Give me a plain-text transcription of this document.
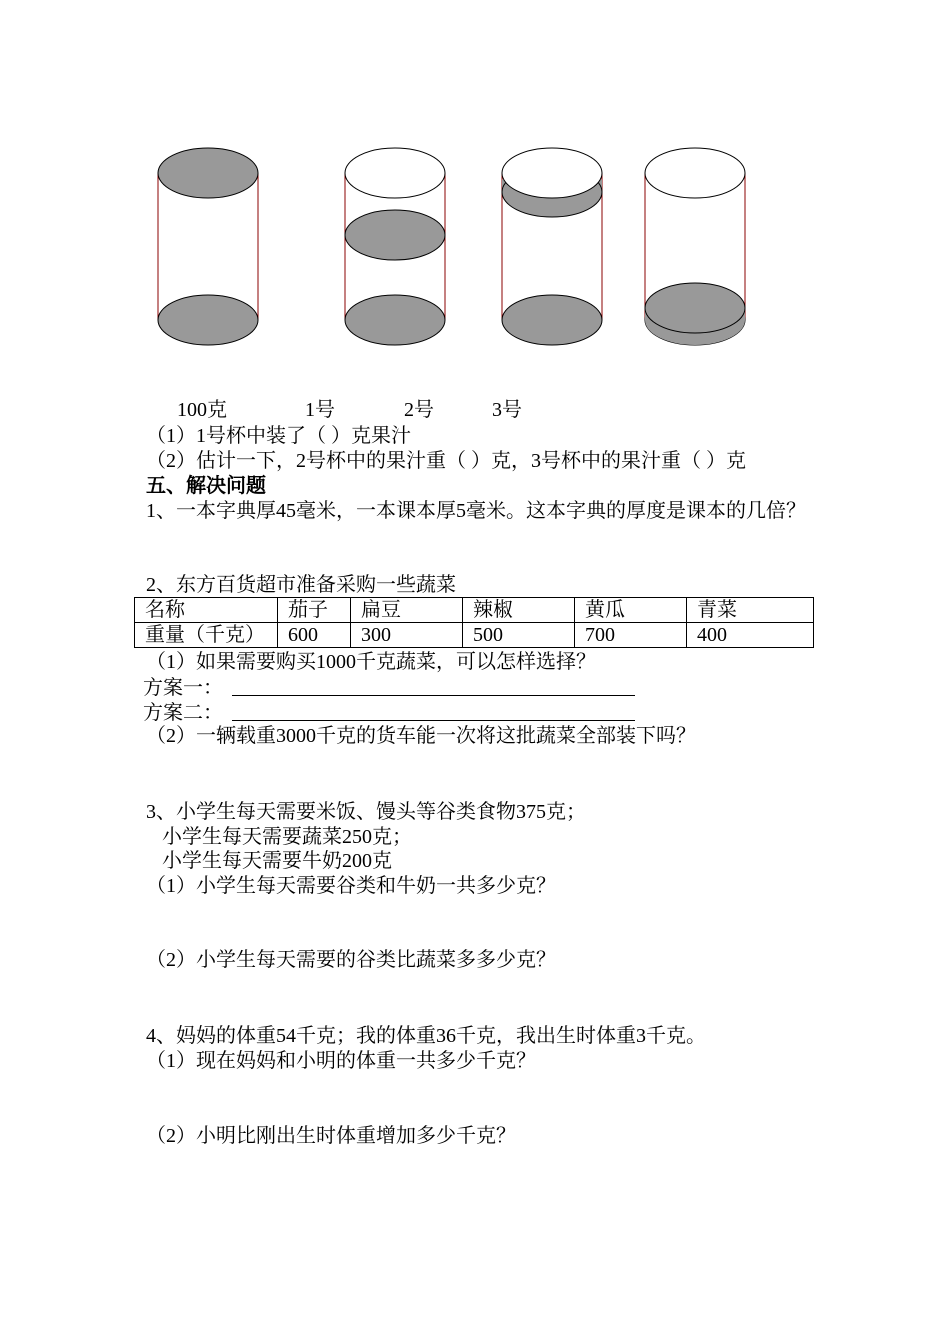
100克	1号	2号	3号
（1）1号杯中装了（ ）克果汁
（2）估计一下，2号杯中的果汁重（ ）克，3号杯中的果汁重（ ）克
五、解决问题
1、一本字典厚45毫米，一本课本厚5毫米。这本字典的厚度是课本的几倍？
2、东方百货超市准备采购一些蔬菜
名称	茄子	扁豆	辣椒	黄瓜	青菜
重量（千克）	600	300	500	700	400
（1）如果需要购买1000千克蔬菜，可以怎样选择？
方案一：
方案二：
（2）一辆载重3000千克的货车能一次将这批蔬菜全部装下吗？
3、小学生每天需要米饭、馒头等谷类食物375克；
小学生每天需要蔬菜250克；
小学生每天需要牛奶200克
（1）小学生每天需要谷类和牛奶一共多少克？
（2）小学生每天需要的谷类比蔬菜多多少克？
4、妈妈的体重54千克；我的体重36千克，我出生时体重3千克。
（1）现在妈妈和小明的体重一共多少千克？
（2）小明比刚出生时体重增加多少千克？
